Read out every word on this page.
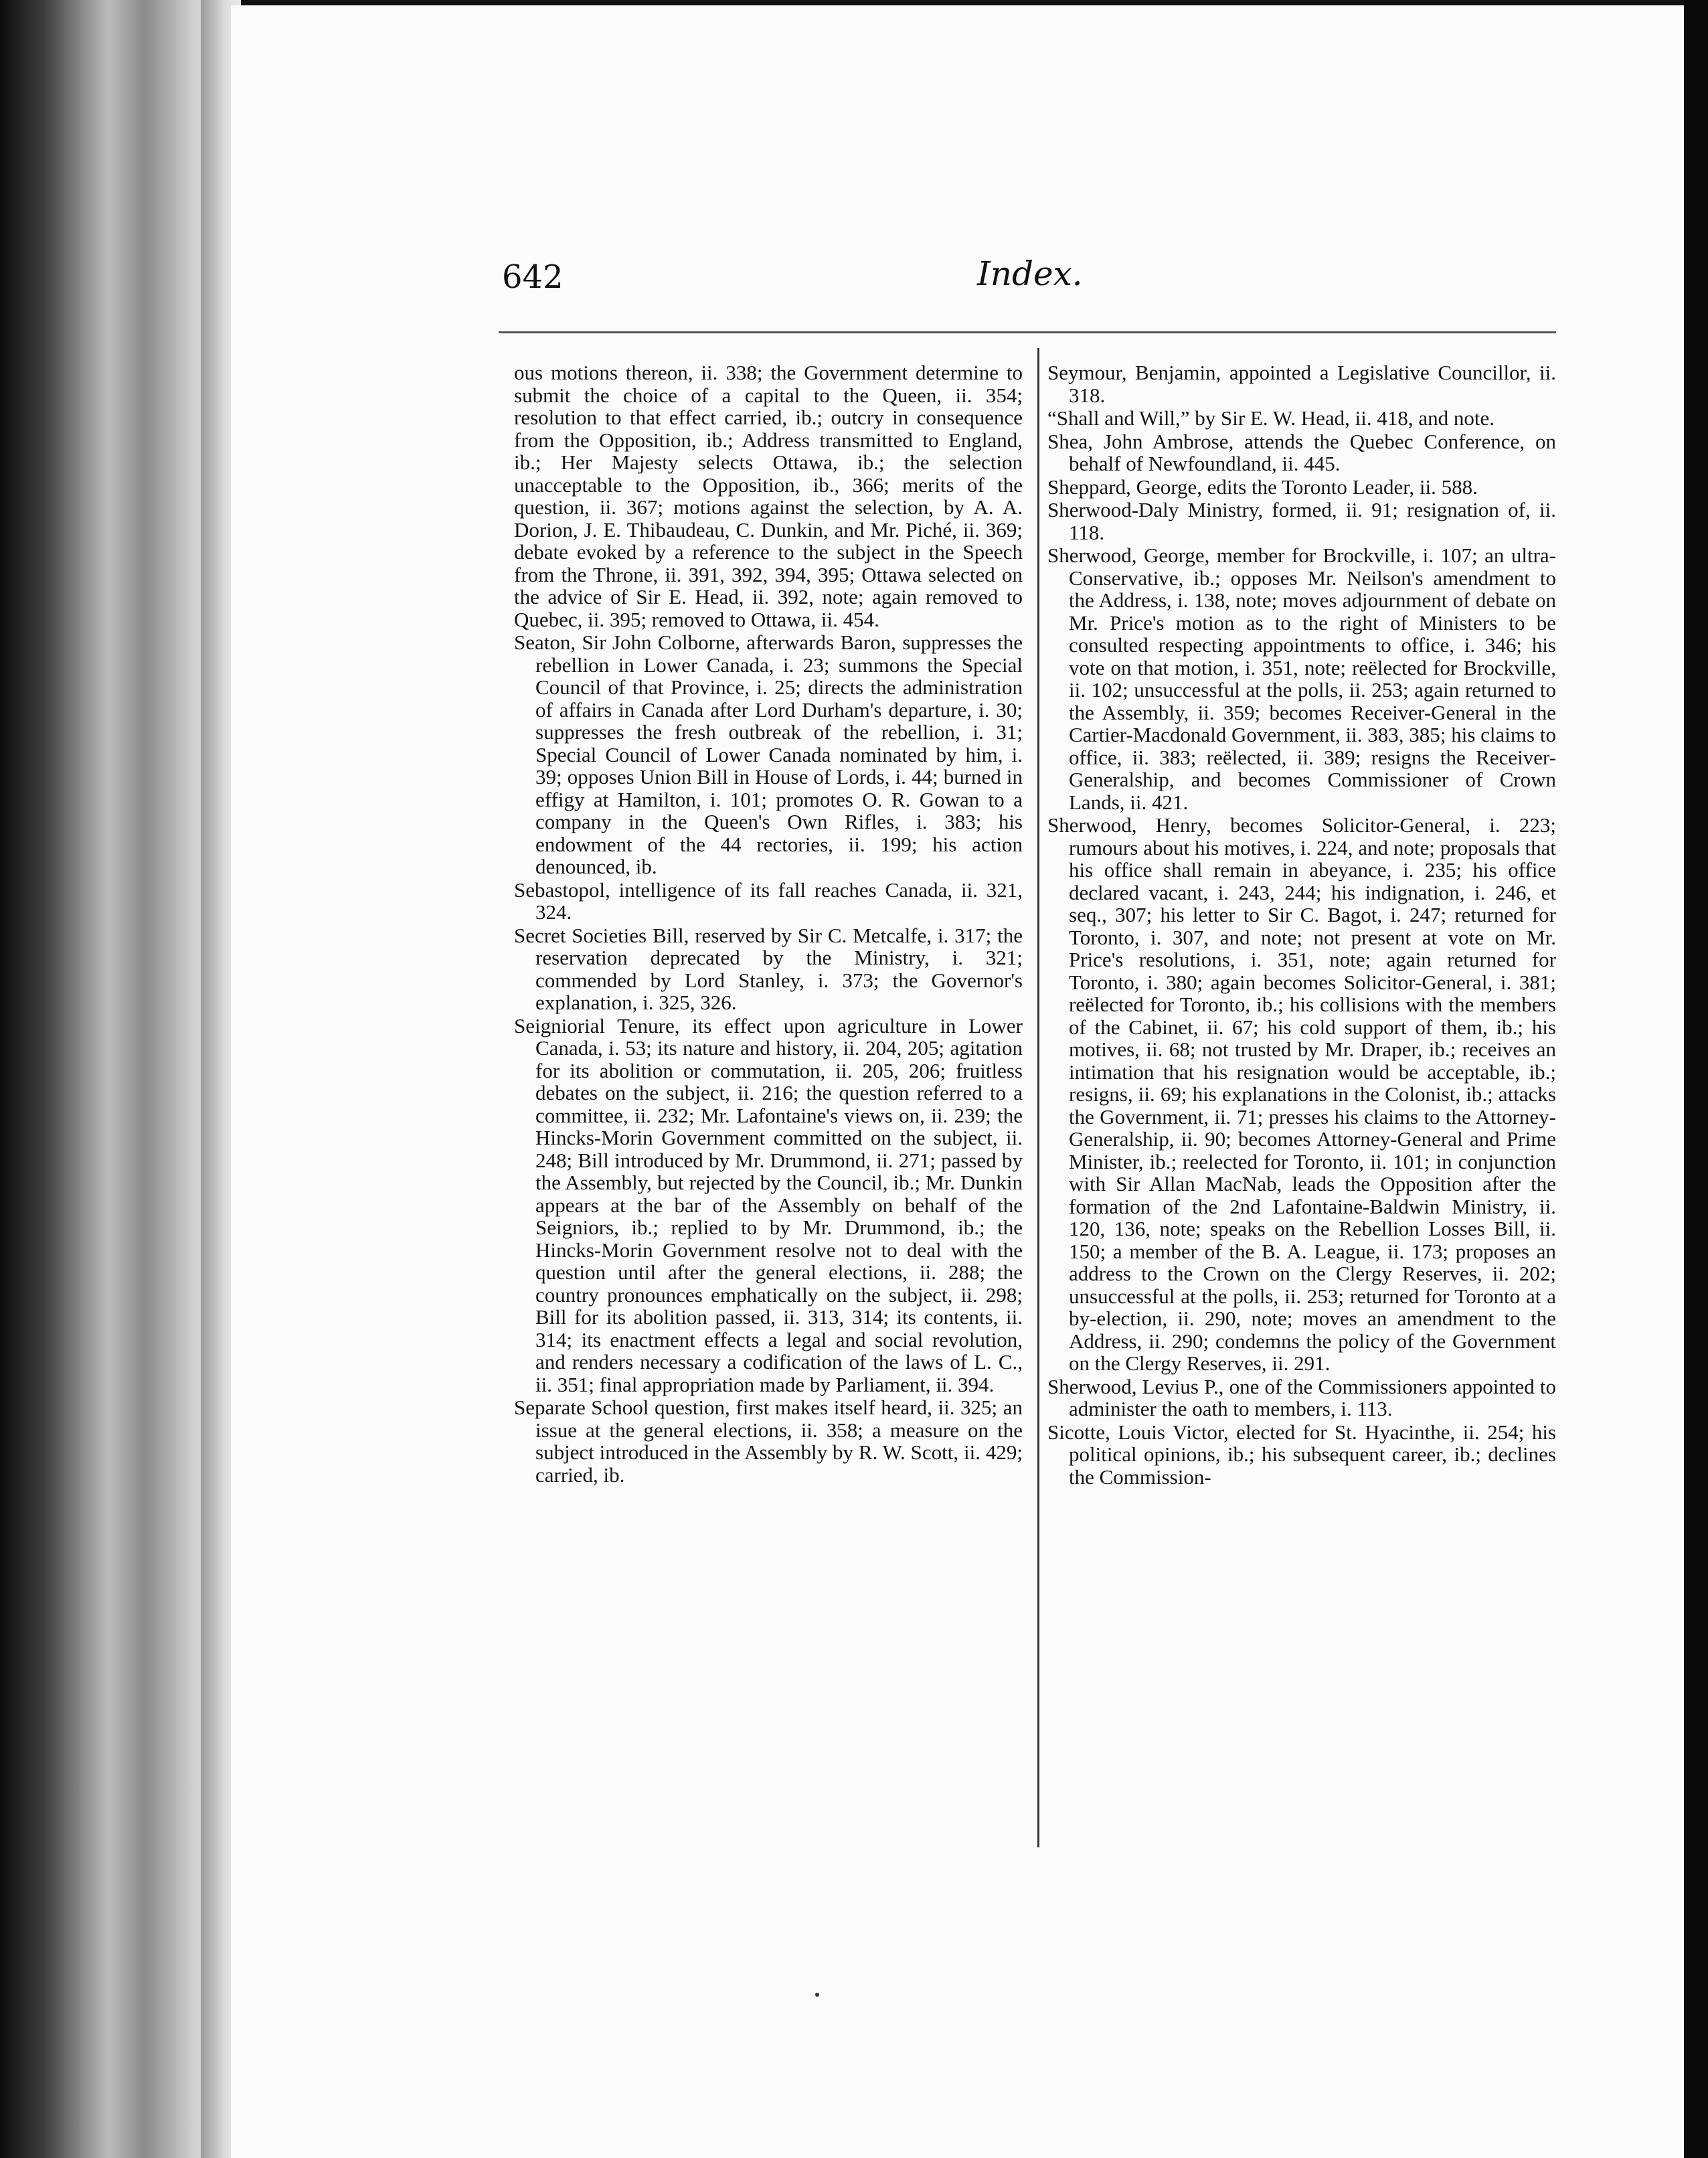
642	Index.

ous motions thereon, ii. 338; the Government determine to submit the choice of a capital to the Queen, ii. 354; resolution to that effect carried, ib.; outcry in consequence from the Opposition, ib.; Address transmitted to England, ib.; Her Majesty selects Ottawa, ib.; the selection unacceptable to the Opposition, ib., 366; merits of the question, ii. 367; motions against the selection, by A. A. Dorion, J. E. Thibaudeau, C. Dunkin, and Mr. Piché, ii. 369; debate evoked by a reference to the subject in the Speech from the Throne, ii. 391, 392, 394, 395; Ottawa selected on the advice of Sir E. Head, ii. 392, note; again removed to Quebec, ii. 395; removed to Ottawa, ii. 454.

Seaton, Sir John Colborne, afterwards Baron, suppresses the rebellion in Lower Canada, i. 23; summons the Special Council of that Province, i. 25; directs the administration of affairs in Canada after Lord Durham's departure, i. 30; suppresses the fresh outbreak of the rebellion, i. 31; Special Council of Lower Canada nominated by him, i. 39; opposes Union Bill in House of Lords, i. 44; burned in effigy at Hamilton, i. 101; promotes O. R. Gowan to a company in the Queen's Own Rifles, i. 383; his endowment of the 44 rectories, ii. 199; his action denounced, ib.

Sebastopol, intelligence of its fall reaches Canada, ii. 321, 324.

Secret Societies Bill, reserved by Sir C. Metcalfe, i. 317; the reservation deprecated by the Ministry, i. 321; commended by Lord Stanley, i. 373; the Governor's explanation, i. 325, 326.

Seigniorial Tenure, its effect upon agriculture in Lower Canada, i. 53; its nature and history, ii. 204, 205; agitation for its abolition or commutation, ii. 205, 206; fruitless debates on the subject, ii. 216; the question referred to a committee, ii. 232; Mr. Lafontaine's views on, ii. 239; the Hincks-Morin Government committed on the subject, ii. 248; Bill introduced by Mr. Drummond, ii. 271; passed by the Assembly, but rejected by the Council, ib.; Mr. Dunkin appears at the bar of the Assembly on behalf of the Seigniors, ib.; replied to by Mr. Drummond, ib.; the Hincks-Morin Government resolve not to deal with the question until after the general elections, ii. 288; the country pronounces emphatically on the subject, ii. 298; Bill for its abolition passed, ii. 313, 314; its contents, ii. 314; its enactment effects a legal and social revolution, and renders necessary a codification of the laws of L. C., ii. 351; final appropriation made by Parliament, ii. 394.

Separate School question, first makes itself heard, ii. 325; an issue at the general elections, ii. 358; a measure on the subject introduced in the Assembly by R. W. Scott, ii. 429; carried, ib.

Seymour, Benjamin, appointed a Legislative Councillor, ii. 318.

“Shall and Will,” by Sir E. W. Head, ii. 418, and note.

Shea, John Ambrose, attends the Quebec Conference, on behalf of Newfoundland, ii. 445.

Sheppard, George, edits the Toronto Leader, ii. 588.

Sherwood-Daly Ministry, formed, ii. 91; resignation of, ii. 118.

Sherwood, George, member for Brockville, i. 107; an ultra-Conservative, ib.; opposes Mr. Neilson's amendment to the Address, i. 138, note; moves adjournment of debate on Mr. Price's motion as to the right of Ministers to be consulted respecting appointments to office, i. 346; his vote on that motion, i. 351, note; reëlected for Brockville, ii. 102; unsuccessful at the polls, ii. 253; again returned to the Assembly, ii. 359; becomes Receiver-General in the Cartier-Macdonald Government, ii. 383, 385; his claims to office, ii. 383; reëlected, ii. 389; resigns the Receiver-Generalship, and becomes Commissioner of Crown Lands, ii. 421.

Sherwood, Henry, becomes Solicitor-General, i. 223; rumours about his motives, i. 224, and note; proposals that his office shall remain in abeyance, i. 235; his office declared vacant, i. 243, 244; his indignation, i. 246, et seq., 307; his letter to Sir C. Bagot, i. 247; returned for Toronto, i. 307, and note; not present at vote on Mr. Price's resolutions, i. 351, note; again returned for Toronto, i. 380; again becomes Solicitor-General, i. 381; reëlected for Toronto, ib.; his collisions with the members of the Cabinet, ii. 67; his cold support of them, ib.; his motives, ii. 68; not trusted by Mr. Draper, ib.; receives an intimation that his resignation would be acceptable, ib.; resigns, ii. 69; his explanations in the Colonist, ib.; attacks the Government, ii. 71; presses his claims to the Attorney-Generalship, ii. 90; becomes Attorney-General and Prime Minister, ib.; reelected for Toronto, ii. 101; in conjunction with Sir Allan MacNab, leads the Opposition after the formation of the 2nd Lafontaine-Baldwin Ministry, ii. 120, 136, note; speaks on the Rebellion Losses Bill, ii. 150; a member of the B. A. League, ii. 173; proposes an address to the Crown on the Clergy Reserves, ii. 202; unsuccessful at the polls, ii. 253; returned for Toronto at a by-election, ii. 290, note; moves an amendment to the Address, ii. 290; condemns the policy of the Government on the Clergy Reserves, ii. 291.

Sherwood, Levius P., one of the Commissioners appointed to administer the oath to members, i. 113.

Sicotte, Louis Victor, elected for St. Hyacinthe, ii. 254; his political opinions, ib.; his subsequent career, ib.; declines the Commission-
